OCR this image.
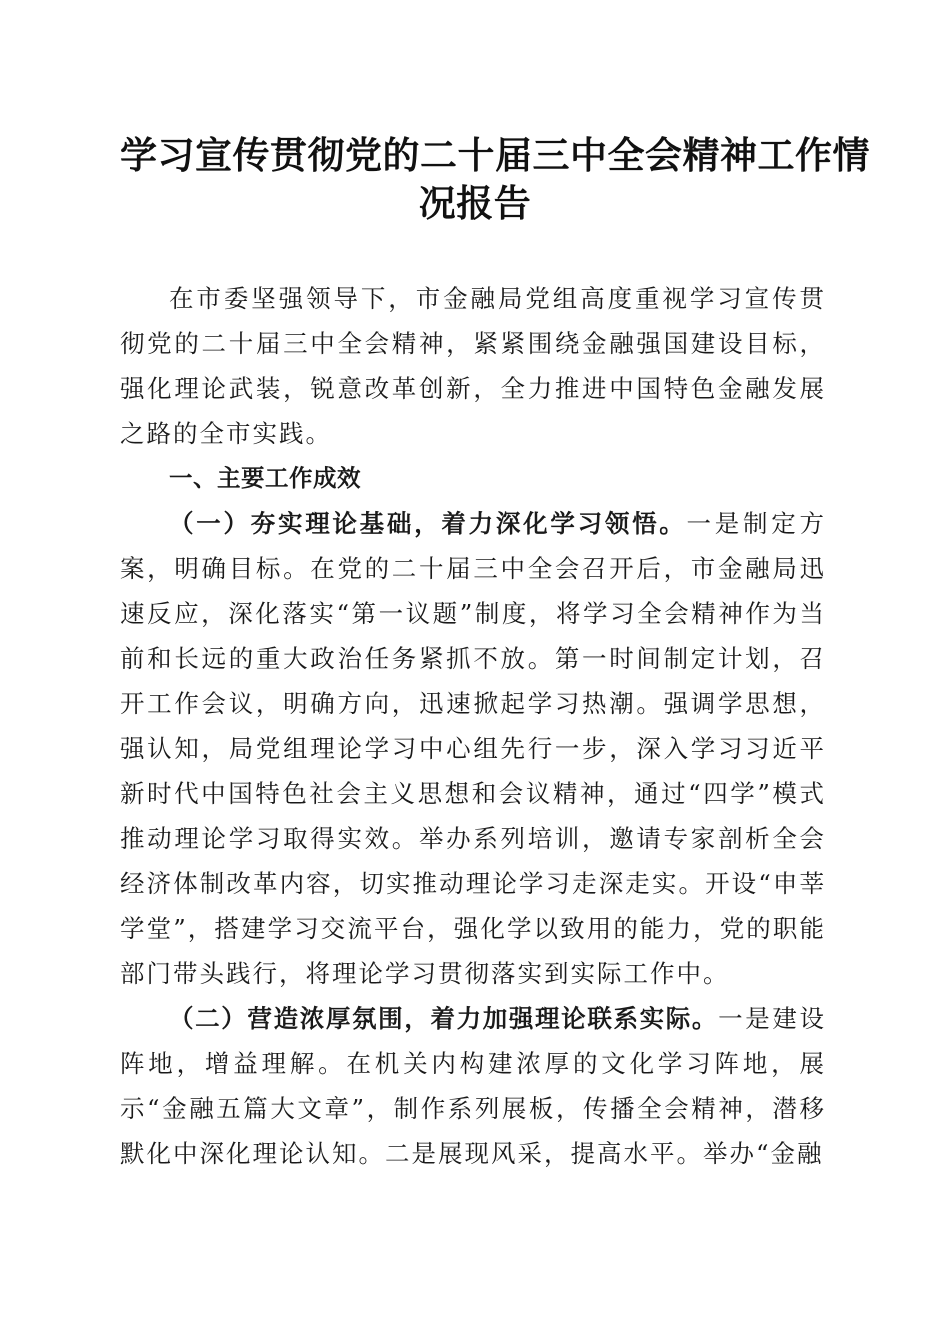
学习宣传贯彻党的二十届三中全会精神工作情
况报告

在市委坚强领导下，市金融局党组高度重视学习宣传贯彻党的二十届三中全会精神，紧紧围绕金融强国建设目标，强化理论武装，锐意改革创新，全力推进中国特色金融发展之路的全市实践。

一、主要工作成效

（一）夯实理论基础，着力深化学习领悟。一是制定方案，明确目标。在党的二十届三中全会召开后，市金融局迅速反应，深化落实“第一议题”制度，将学习全会精神作为当前和长远的重大政治任务紧抓不放。第一时间制定计划，召开工作会议，明确方向，迅速掀起学习热潮。强调学思想，强认知，局党组理论学习中心组先行一步，深入学习习近平新时代中国特色社会主义思想和会议精神，通过“四学”模式推动理论学习取得实效。举办系列培训，邀请专家剖析全会经济体制改革内容，切实推动理论学习走深走实。开设“申莘学堂”，搭建学习交流平台，强化学以致用的能力，党的职能部门带头践行，将理论学习贯彻落实到实际工作中。

（二）营造浓厚氛围，着力加强理论联系实际。一是建设阵地，增益理解。在机关内构建浓厚的文化学习阵地，展示“金融五篇大文章”，制作系列展板，传播全会精神，潜移默化中深化理论认知。二是展现风采，提高水平。举办“金融
